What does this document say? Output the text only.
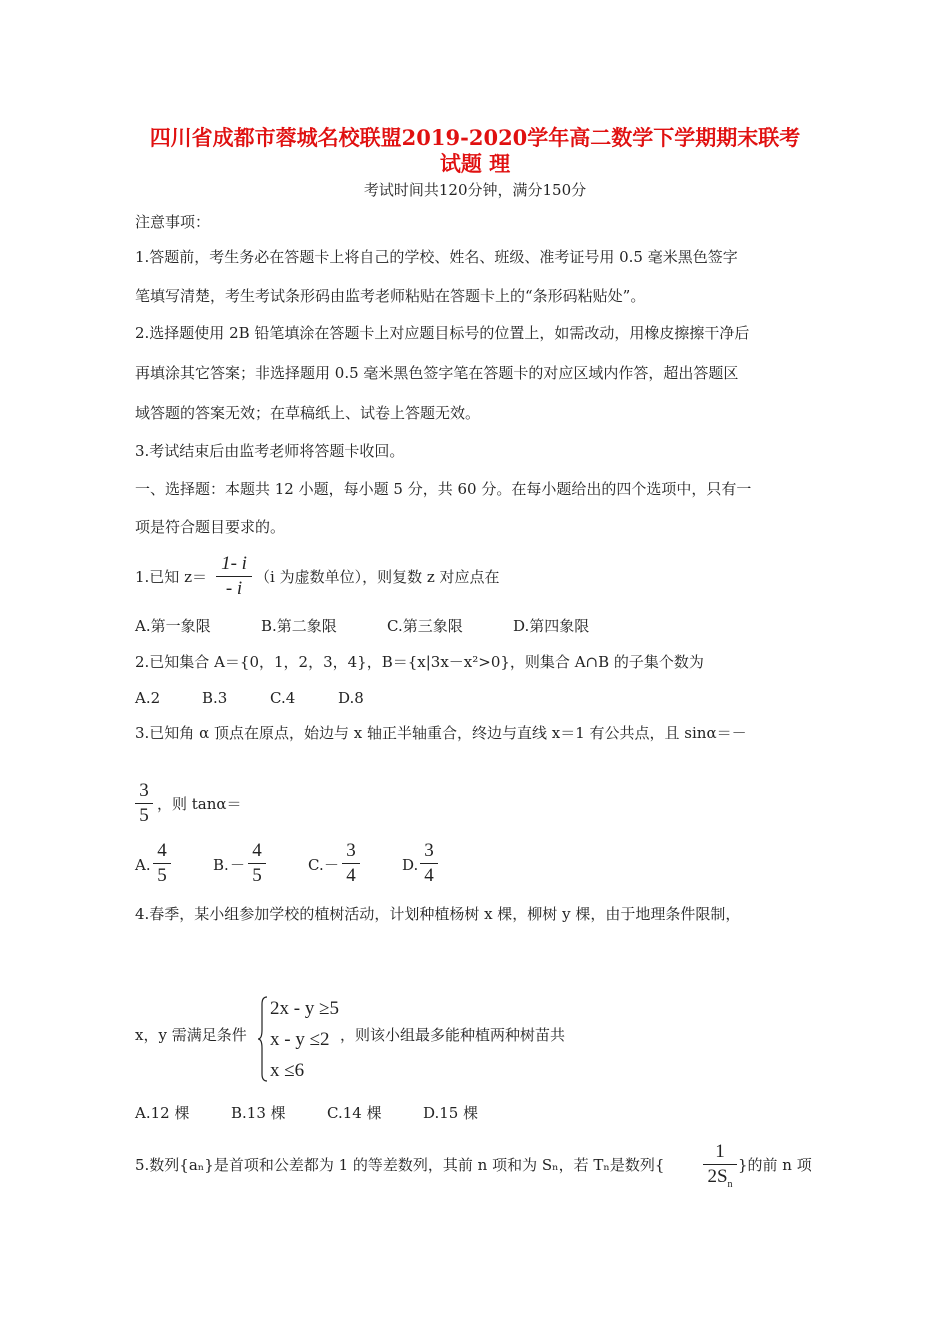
四川省成都市蓉城名校联盟2019-2020学年高二数学下学期期末联考
试题 理
考试时间共120分钟，满分150分
注意事项：
1.答题前，考生务必在答题卡上将自己的学校、姓名、班级、准考证号用 0.5 毫米黑色签字
笔填写清楚，考生考试条形码由监考老师粘贴在答题卡上的“条形码粘贴处”。
2.选择题使用 2B 铅笔填涂在答题卡上对应题目标号的位置上，如需改动，用橡皮擦擦干净后
再填涂其它答案；非选择题用 0.5 毫米黑色签字笔在答题卡的对应区域内作答，超出答题区
域答题的答案无效；在草稿纸上、试卷上答题无效。
3.考试结束后由监考老师将答题卡收回。
一、选择题：本题共 12 小题，每小题 5 分，共 60 分。在每小题给出的四个选项中，只有一
项是符合题目要求的。
1.已知 z＝
1- i
- i
（i 为虚数单位），则复数 z 对应点在
A.第一象限	B.第二象限	C.第三象限	D.第四象限
2.已知集合 A＝{0，1，2，3，4}，B＝{x|3x－x²>0}，则集合 A∩B 的子集个数为
A.2	B.3	C.4	D.8
3.已知角 α 顶点在原点，始边与 x 轴正半轴重合，终边与直线 x＝1 有公共点，且 sinα＝－
3
5
，则 tanα＝
A.
4
5	B. －
4
5	C. －
3
4	D.
3
4
4.春季，某小组参加学校的植树活动，计划种植杨树 x 棵，柳树 y 棵，由于地理条件限制，
x，y 需满足条件
2x - y ≥5
x - y ≤2
x ≤6
，则该小组最多能种植两种树苗共
A.12 棵	B.13 棵	C.14 棵	D.15 棵
5.数列{aₙ}是首项和公差都为 1 的等差数列，其前 n 项和为 Sₙ，若 Tₙ是数列{
1
$2S_n$
}的前 n 项
